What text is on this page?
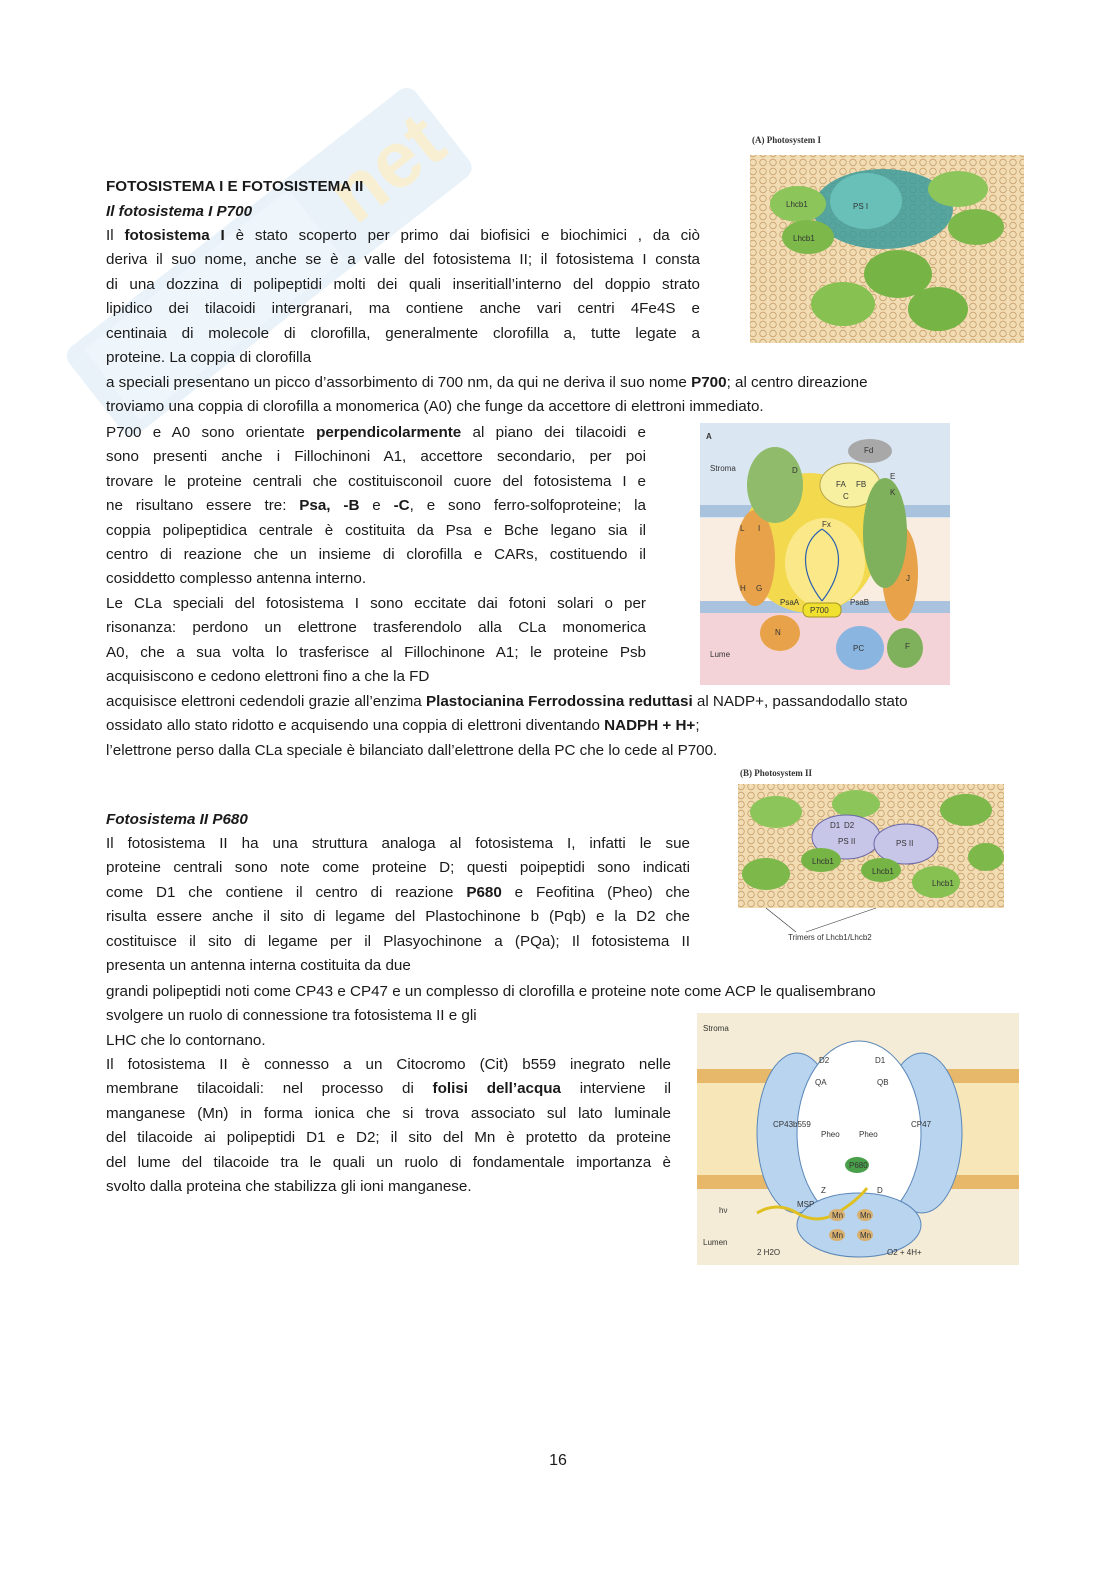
net
FOTOSISTEMA I E FOTOSISTEMA II
Il fotosistema I P700
Il fotosistema I è stato scoperto per primo dai biofisici e biochimici , da ciò
deriva il suo nome, anche se è a valle del fotosistema II; il fotosistema I consta
di una dozzina di polipeptidi molti dei quali inseritiall’interno del doppio strato
lipidico dei tilacoidi intergranari, ma contiene anche vari centri 4Fe4S e
centinaia di molecole di clorofilla, generalmente clorofilla a, tutte legate a
proteine. La coppia di clorofilla
a speciali presentano un picco d’assorbimento di 700 nm, da qui ne deriva il suo nome P700; al centro direazione
troviamo una coppia di clorofilla a monomerica (A0) che funge da accettore di elettroni immediato.
P700 e A0 sono orientate perpendicolarmente al piano dei tilacoidi e
sono presenti anche i Fillochinoni A1, accettore secondario, per poi
trovare le proteine centrali che costituisconoil cuore del fotosistema I e
ne risultano essere tre: Psa, -B e -C, e sono ferro-solfoproteine; la
coppia polipeptidica centrale è costituita da Psa e Bche legano sia il
centro di reazione che un insieme di clorofilla e CARs, costituendo il
cosiddetto complesso antenna interno.
Le CLa speciali del fotosistema I sono eccitate dai fotoni solari o per
risonanza: perdono un elettrone trasferendolo alla CLa monomerica
A0, che a sua volta lo trasferisce al Fillochinone A1; le proteine Psb
acquisiscono e cedono elettroni fino a che la FD
acquisisce elettroni cedendoli grazie all’enzima Plastocianina Ferrodossina reduttasi al NADP+, passandodallo stato
ossidato allo stato ridotto e acquisendo una coppia di elettroni diventando NADPH + H+;
l’elettrone perso dalla CLa speciale è bilanciato dall’elettrone della PC che lo cede al P700.
Fotosistema II P680
Il fotosistema II ha una struttura analoga al fotosistema I, infatti le sue
proteine centrali sono note come proteine D; questi poipeptidi sono indicati
come D1 che contiene il centro di reazione P680 e Feofitina (Pheo) che
risulta essere anche il sito di legame del Plastochinone b (Pqb) e la D2 che
costituisce il sito di legame per il Plasyochinone a (PQa); Il fotosistema II
presenta un antenna interna costituita da due
grandi polipeptidi noti come CP43 e CP47 e un complesso di clorofilla e proteine note come ACP le qualisembrano
svolgere un ruolo di connessione tra fotosistema II e gli
LHC che lo contornano.
Il fotosistema II è connesso a un Citocromo (Cit) b559 inegrato nelle
membrane tilacoidali: nel processo di folisi dell’acqua interviene il
manganese (Mn) in forma ionica che si trova associato sul lato luminale
del tilacoide ai polipeptidi D1 e D2; il sito del Mn è protetto da proteine
del lume del tilacoide tra le quali un ruolo di fondamentale importanza è
svolto dalla proteina che stabilizza gli ioni manganese.
(A) Photosystem I
PS I
Lhcb1
Lhcb1
A
Fd
Stroma	D
E
C	K
L I
H G
J
PsaA
P700
PsaB
N
PC	F
Lume
FA FB
Fx
(B) Photosystem II
D1 D2
PS II	PS II
Lhcb1
Lhcb1
Lhcb1
Trimers of Lhcb1/Lhcb2
Stroma
D2	D1
QA	QB
CP43 b559
Pheo Pheo
CP47
P680
Z	D
MSP
Mn Mn
Mn Mn
Lumen
2 H2O	O2 + 4H+
hν
16
